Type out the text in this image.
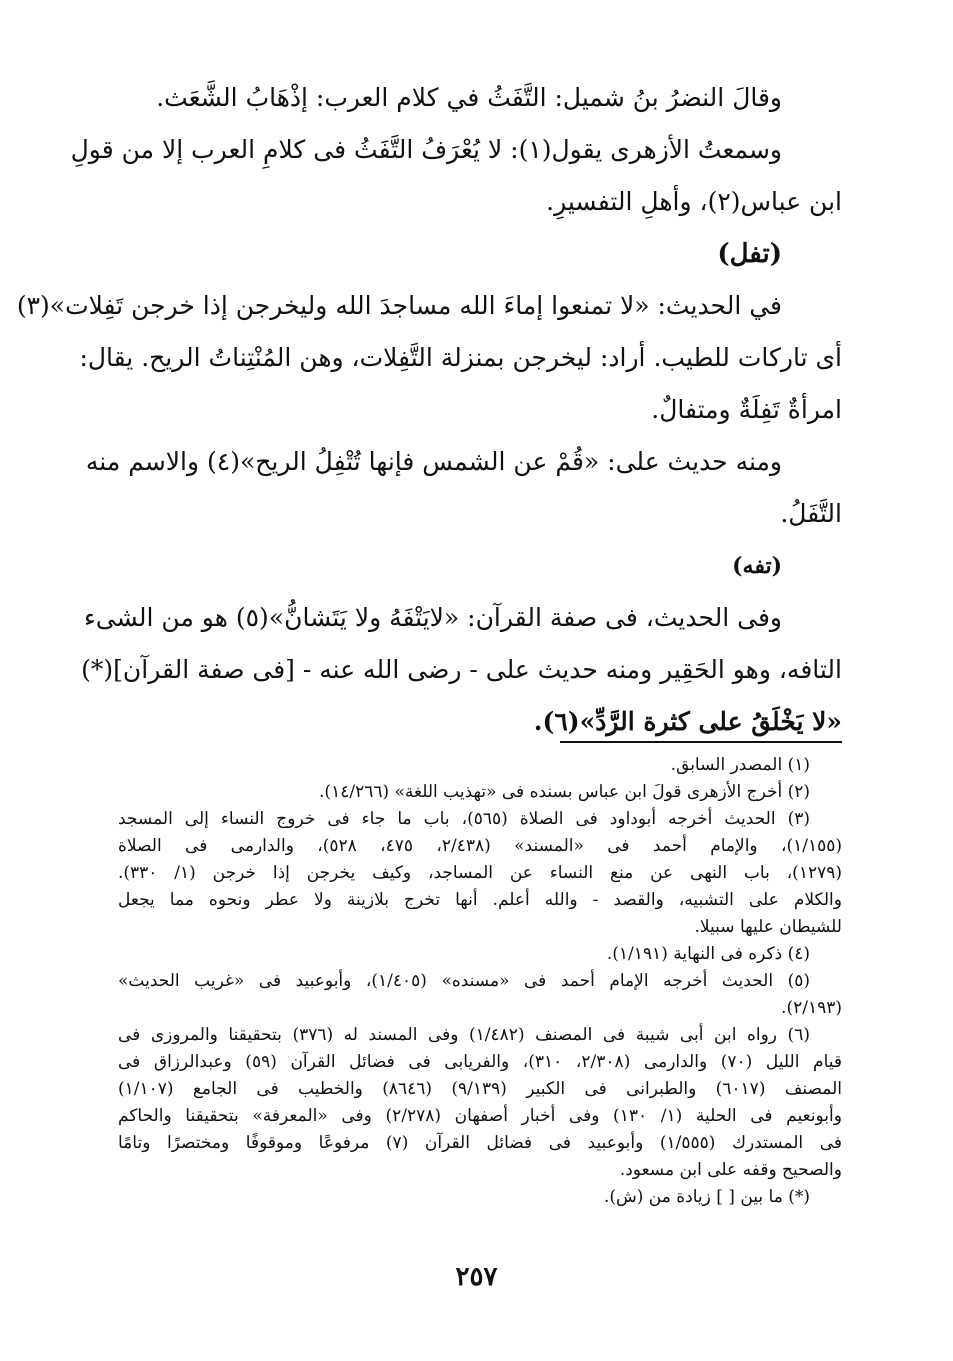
وقالَ النضرُ بنُ شميل: التَّفَثُ في كلام العرب: إذْهَابُ الشَّعَث.
وسمعتُ الأزهرى يقول(١): لا يُعْرَفُ التَّفَثُ فى كلامِ العرب إلا من قولِ
ابن عباس(٢)، وأهلِ التفسيرِ.
(تفل)
في الحديث: «لا تمنعوا إماءَ الله مساجدَ الله وليخرجن إذا خرجن تَفِلات»(٣)
أى تاركات للطيب. أراد: ليخرجن بمنزلة التَّفِلات، وهن المُنْتِناتُ الريح. يقال:
امرأةٌ تَفِلَةٌ ومتفالٌ.
ومنه حديث على: «قُمْ عن الشمس فإنها تُتْفِلُ الريح»(٤) والاسم منه
التَّفَلُ.
(تفه)
وفى الحديث، فى صفة القرآن: «لايَتْفَهُ ولا يَتَشانُّ»(٥) هو من الشىء
التافه، وهو الحَقِير ومنه حديث على - رضى الله عنه - [فى صفة القرآن](*)
«لا يَخْلَقُ على كثرة الرَّدِّ»(٦).
(١) المصدر السابق.
(٢) أخرج الأزهرى قولَ ابن عباس بسنده فى «تهذيب اللغة» (١٤/٢٦٦).
(٣) الحديث أخرجه أبوداود فى الصلاة (٥٦٥)، باب ما جاء فى خروج النساء إلى المسجد
(١/١٥٥)، والإمام أحمد فى «المسند» (٢/٤٣٨، ٤٧٥، ٥٢٨)، والدارمى فى الصلاة
(١٢٧٩)، باب النهى عن منع النساء عن المساجد، وكيف يخرجن إذا خرجن (١/ ٣٣٠).
والكلام على التشبيه، والقصد - والله أعلم. أنها تخرج بلازينة ولا عطر ونحوه مما يجعل
للشيطان عليها سبيلا.
(٤) ذكره فى النهاية (١/١٩١).
(٥) الحديث أخرجه الإمام أحمد فى «مسنده» (١/٤٠٥)، وأبوعبيد فى «غريب الحديث»
(٢/١٩٣).
(٦) رواه ابن أبى شيبة فى المصنف (١/٤٨٢) وفى المسند له (٣٧٦) بتحقيقنا والمروزى فى
قيام الليل (٧٠) والدارمى (٢/٣٠٨، ٣١٠)، والفريابى فى فضائل القرآن (٥٩) وعبدالرزاق فى
المصنف (٦٠١٧) والطبرانى فى الكبير (٩/١٣٩) (٨٦٤٦) والخطيب فى الجامع (١/١٠٧)
وأبونعيم فى الحلية (١/ ١٣٠) وفى أخبار أصفهان (٢/٢٧٨) وفى «المعرفة» بتحقيقنا والحاكم
فى المستدرك (١/٥٥٥) وأبوعبيد فى فضائل القرآن (٧) مرفوعًا وموقوفًا ومختصرًا وتامًا
والصحيح وقفه على ابن مسعود.
(*) ما بين [ ] زيادة من (ش).
٢٥٧
